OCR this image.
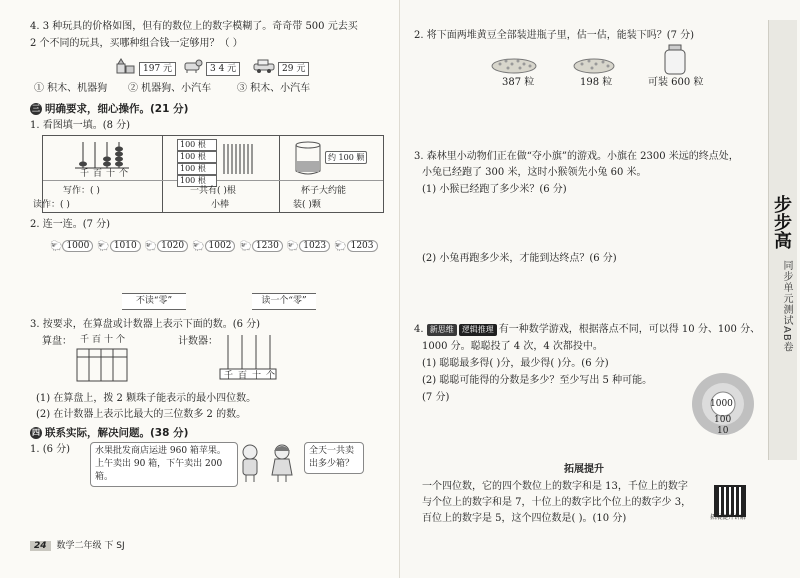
4. 3 种玩具的价格如图，但有的数位上的数字模糊了。奇奇带 500 元去买
2 个不同的玩具，买哪种组合钱一定够用？（ ）
197 元	3 4 元	29 元
① 积木、机器狗 ② 机器狗、小汽车	③ 积木、小汽车
三 明确要求，细心操作。(21 分)
1. 看图填一填。(8 分)
千百十个
写作：( )
读作：( )
100 根
100 根
100 根
100 根
一共有( )根
小棒
约 100 颗
杯子大约能
装( )颗
2. 连一连。(7 分)
🐑 1000 🐑 1010 🐑 1020 🐑 1002 🐑 1230 🐑 1023 🐑 1203
不读“零”	读一个“零”
3. 按要求，在算盘或计数器上表示下面的数。(6 分)
算盘： 千百十个	计数器：
千百十个
(1) 在算盘上，拨 2 颗珠子能表示的最小四位数。
(2) 在计数器上表示比最大的三位数多 2 的数。
四 联系实际，解决问题。(38 分)
1. (6 分)	水果批发商店运进 960 箱苹果。上午卖出 90 箱，下午卖出 200 箱。
全天一共卖出多少箱？
24 数学二年级 下 SJ
2. 将下面两堆黄豆全部装进瓶子里，估一估，能装下吗？(7 分)
387 粒	198 粒	可装 600 粒
3. 森林里小动物们正在做“夺小旗”的游戏。小旗在 2300 米远的终点处，
小兔已经跑了 300 米，这时小猴领先小兔 60 米。
(1) 小猴已经跑了多少米？(6 分)
(2) 小兔再跑多少米，才能到达终点？(6 分)
4. 新思维 逻辑推理 有一种数学游戏，根据落点不同，可以得 10 分、100 分、
1000 分。聪聪投了 4 次，4 次都投中。
(1) 聪聪最多得( )分，最少得( )分。(6 分)
(2) 聪聪可能得的分数是多少？至少写出 5 种可能。
(7 分)
1000
100
10
拓展提升
一个四位数，它的四个数位上的数字和是 13，千位上的数字
与个位上的数字和是 7，十位上的数字比个位上的数字少 3，
百位上的数字是 5，这个四位数是( )。(10 分)	拓展提升讲解
步步高
同步单元测试AB卷
